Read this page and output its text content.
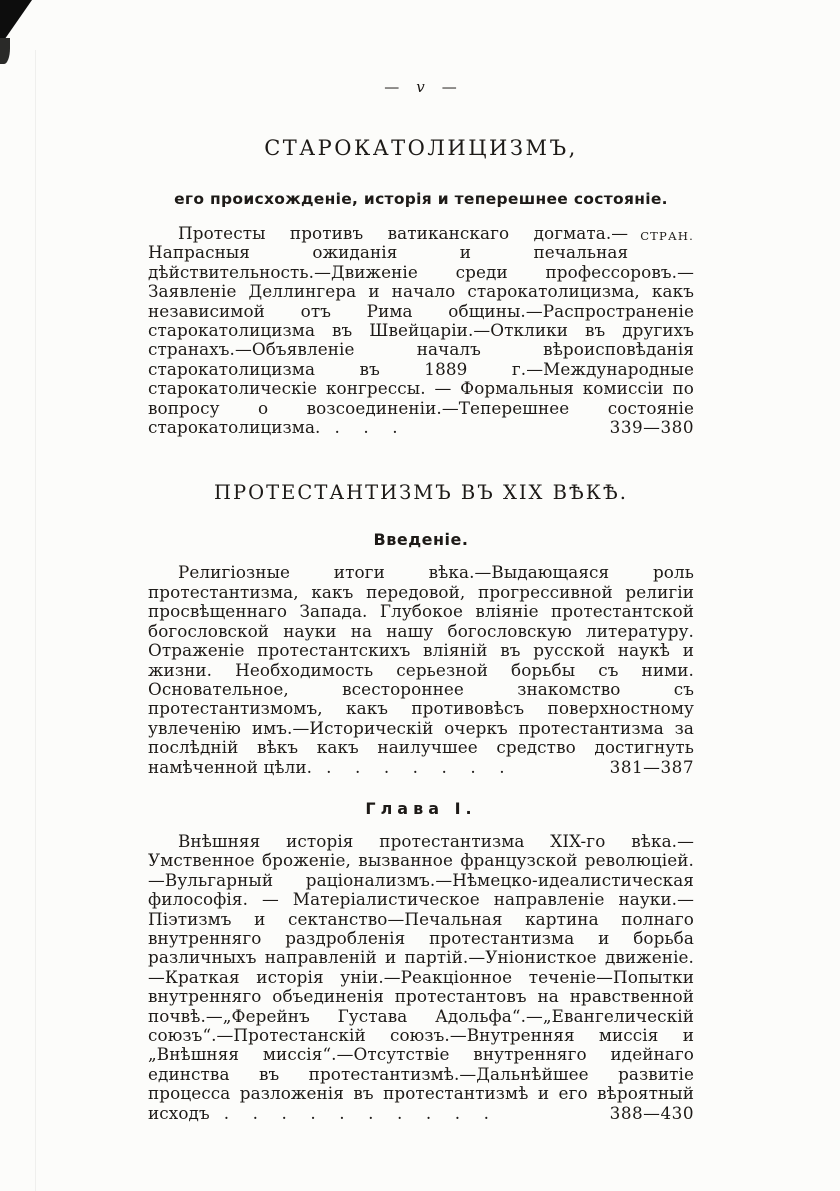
— v —
СТАРОКАТОЛИЦИЗМЪ,
его происхожденіе, исторія и теперешнее состояніе.

СТРАН.
Протесты противъ ватиканскаго догмата.—Напрасныя ожиданія и печальная дѣйствительность.—Движеніе среди профессоровъ.—Заявленіе Деллингера и начало старокатолицизма, какъ независимой отъ Рима общины.—Распространеніе старокатолицизма въ Швейцаріи.—Отклики въ другихъ странахъ.—Объявленіе началъ вѣроисповѣданія старокатолицизма въ 1889 г.—Международные старокатолическіе конгрессы. — Формальныя комиссіи по вопросу о возсоединеніи.—Теперешнее состояніе старокатолицизма. . . .	339—380

ПРОТЕСТАНТИЗМЪ ВЪ XIX ВѢКѢ.
Введеніе.

Религіозные итоги вѣка.—Выдающаяся роль протестантизма, какъ передовой, прогрессивной религіи просвѣщеннаго Запада. Глубокое вліяніе протестантской богословской науки на нашу богословскую литературу. Отраженіе протестантскихъ вліяній въ русской наукѣ и жизни. Необходимость серьезной борьбы съ ними. Основательное, всестороннее знакомство съ протестантизмомъ, какъ противовѣсъ поверхностному увлеченію имъ.—Историческій очеркъ протестантизма за послѣдній вѣкъ какъ наилучшее средство достигнуть намѣченной цѣли. . . . . . . .	381—387

Глава I.

Внѣшняя исторія протестантизма XIX-го вѣка.—Умственное броженіе, вызванное французской революціей.—Вульгарный раціонализмъ.—Нѣмецко-идеалистическая философія. — Матеріалистическое направленіе науки.—Піэтизмъ и сектанство—Печальная картина полнаго внутренняго раздробленія протестантизма и борьба различныхъ направленій и партій.—Уніонисткое движеніе.—Краткая исторія уніи.—Реакціонное теченіе—Попытки внутренняго объединенія протестантовъ на нравственной почвѣ.—„Ферейнъ Густава Адольфа“.—„Евангелическій союзъ“.—Протестанскій союзъ.—Внутренняя миссія и „Внѣшняя миссія“.—Отсутствіе внутренняго идейнаго единства въ протестантизмѣ.—Дальнѣйшее развитіе процесса разложенія въ протестантизмѣ и его вѣроятный исходъ . . . . . . . . . .	388—430
